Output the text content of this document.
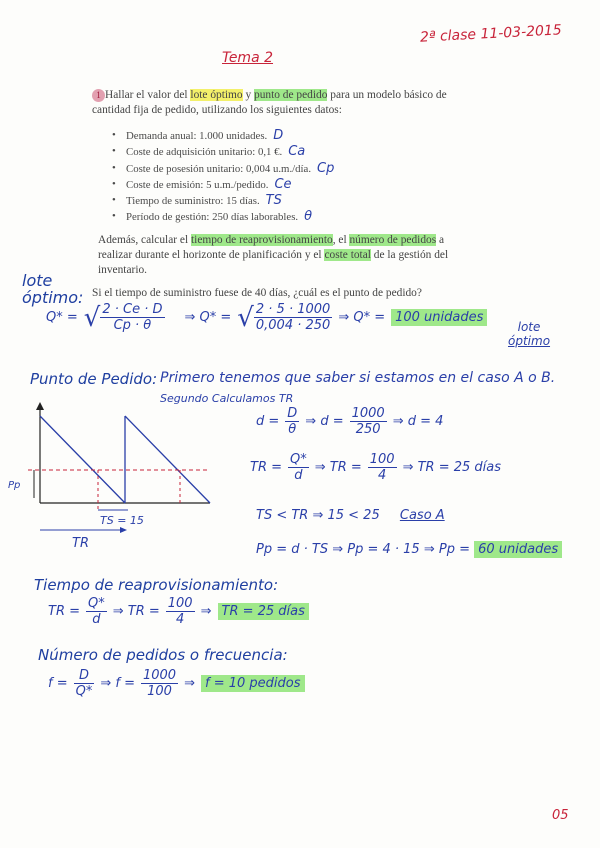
2ª clase 11-03-2015
Tema 2
1 Hallar el valor del lote óptimo y punto de pedido para un modelo básico de
cantidad fija de pedido, utilizando los siguientes datos:
• Demanda anual: 1.000 unidades. D
• Coste de adquisición unitario: 0,1 €. Ca
• Coste de posesión unitario: 0,004 u.m./día. Cp
• Coste de emisión: 5 u.m./pedido. Ce
• Tiempo de suministro: 15 días. TS
• Período de gestión: 250 días laborables. θ
Además, calcular el tiempo de reaprovisionamiento, el número de pedidos a
realizar durante el horizonte de planificación y el coste total de la gestión del
inventario.
Si el tiempo de suministro fuese de 40 días, ¿cuál es el punto de pedido?
lote
óptimo:
Q* = √ $\frac{2 \cdot Ce \cdot D}{Cp \cdot \theta}$ ⇒ Q* = √ $\frac{2 \cdot 5 \cdot 1000}{0,004 \cdot 250}$ ⇒ Q* = 100 unidades
lote
óptimo
Punto de Pedido: Primero tenemos que saber si estamos en el caso A o B.
Segundo Calculamos TR
Pp
TS = 15
TR
$d = \frac{D}{\theta}$ ⇒ $d = \frac{1000}{250}$ ⇒ d = 4
TR = $\frac{Q*}{d}$ ⇒ TR = $\frac{100}{4}$ ⇒ TR = 25 días
TS < TR ⇒ 15 < 25 Caso A
Pp = d · TS ⇒ Pp = 4 · 15 ⇒ Pp = 60 unidades
Tiempo de reaprovisionamiento:
TR = $\frac{Q*}{d}$ ⇒ TR = $\frac{100}{4}$ ⇒ TR = 25 días
Número de pedidos o frecuencia:
$f = \frac{D}{Q*}$ ⇒ $f = \frac{1000}{100}$ ⇒ f = 10 pedidos
05
